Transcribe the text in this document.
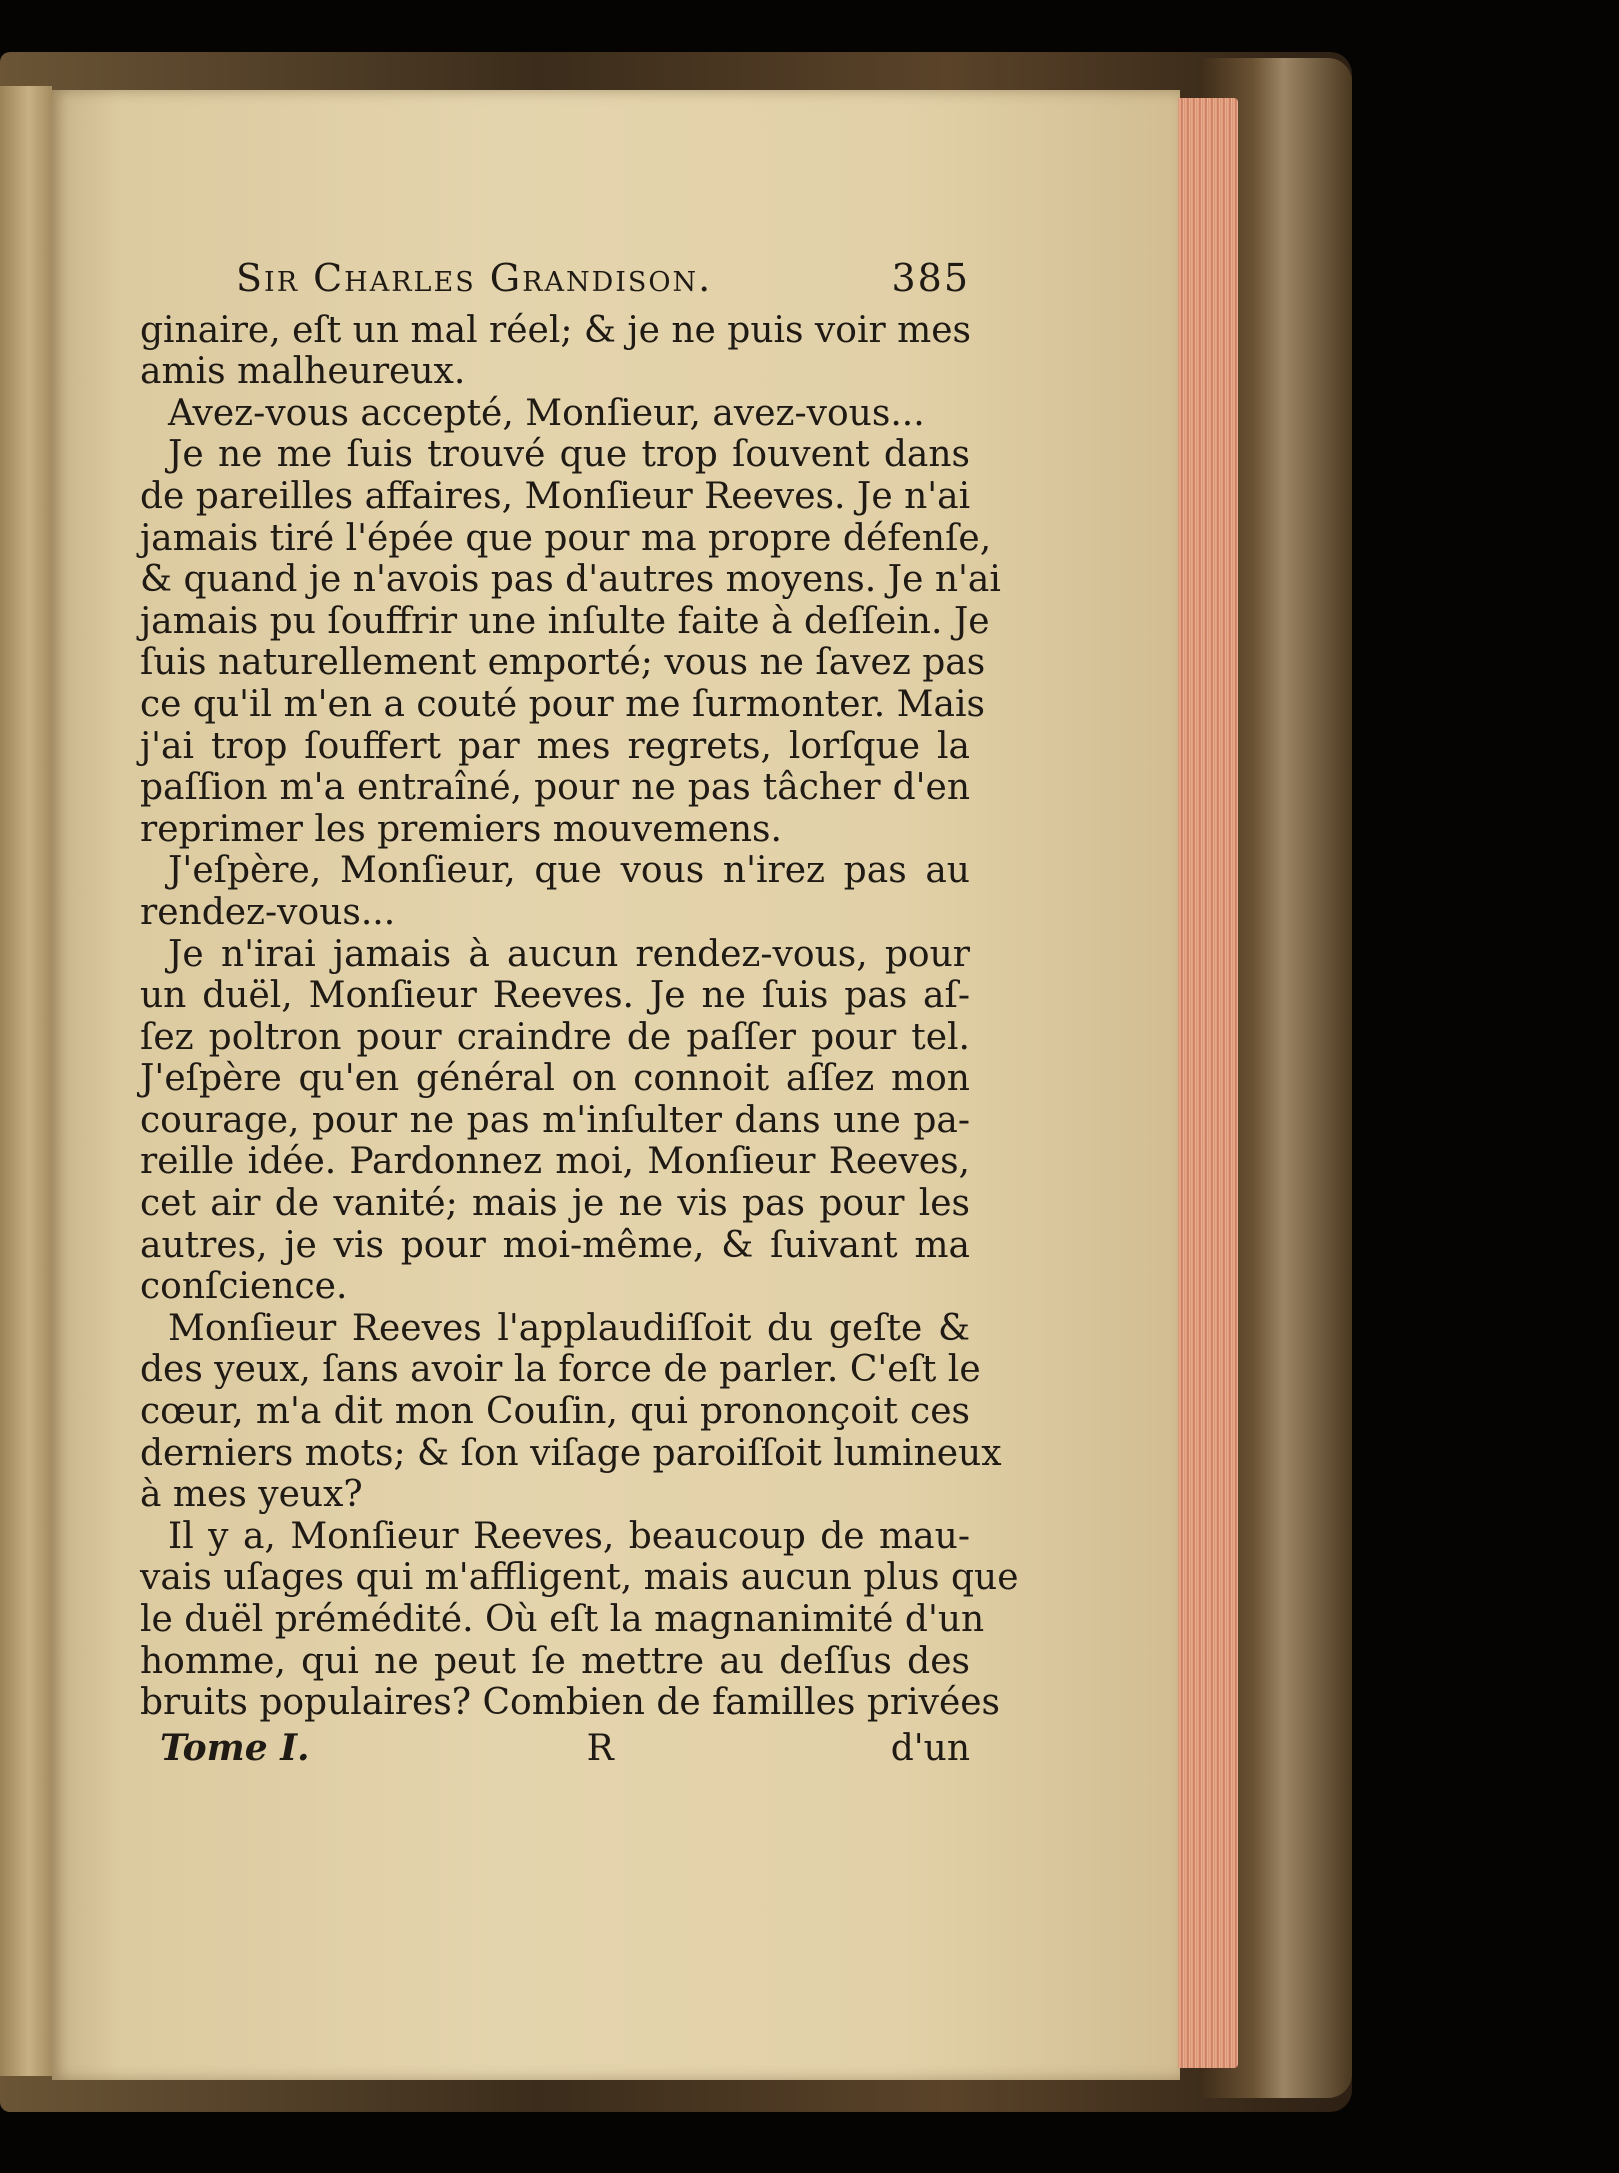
Sir Charles Grandison.	385
ginaire, eſt un mal réel; & je ne puis voir mes
amis malheureux.
Avez-vous accepté, Monſieur, avez-vous...
Je ne me ſuis trouvé que trop ſouvent dans
de pareilles affaires, Monſieur Reeves. Je n'ai
jamais tiré l'épée que pour ma propre défenſe,
& quand je n'avois pas d'autres moyens. Je n'ai
jamais pu ſouffrir une inſulte faite à deſſein. Je
ſuis naturellement emporté; vous ne ſavez pas
ce qu'il m'en a couté pour me ſurmonter. Mais
j'ai trop ſouffert par mes regrets, lorſque la
paſſion m'a entraîné, pour ne pas tâcher d'en
reprimer les premiers mouvemens.
J'eſpère, Monſieur, que vous n'irez pas au
rendez-vous...
Je n'irai jamais à aucun rendez-vous, pour
un duël, Monſieur Reeves. Je ne ſuis pas aſ-
ſez poltron pour craindre de paſſer pour tel.
J'eſpère qu'en général on connoit aſſez mon
courage, pour ne pas m'inſulter dans une pa-
reille idée. Pardonnez moi, Monſieur Reeves,
cet air de vanité; mais je ne vis pas pour les
autres, je vis pour moi-même, & ſuivant ma
conſcience.
Monſieur Reeves l'applaudiſſoit du geſte &
des yeux, ſans avoir la force de parler. C'eſt le
cœur, m'a dit mon Couſin, qui prononçoit ces
derniers mots; & ſon viſage paroiſſoit lumineux
à mes yeux?
Il y a, Monſieur Reeves, beaucoup de mau-
vais uſages qui m'affligent, mais aucun plus que
le duël prémédité. Où eſt la magnanimité d'un
homme, qui ne peut ſe mettre au deſſus des
bruits populaires? Combien de familles privées
Tome I.	R	d'un
